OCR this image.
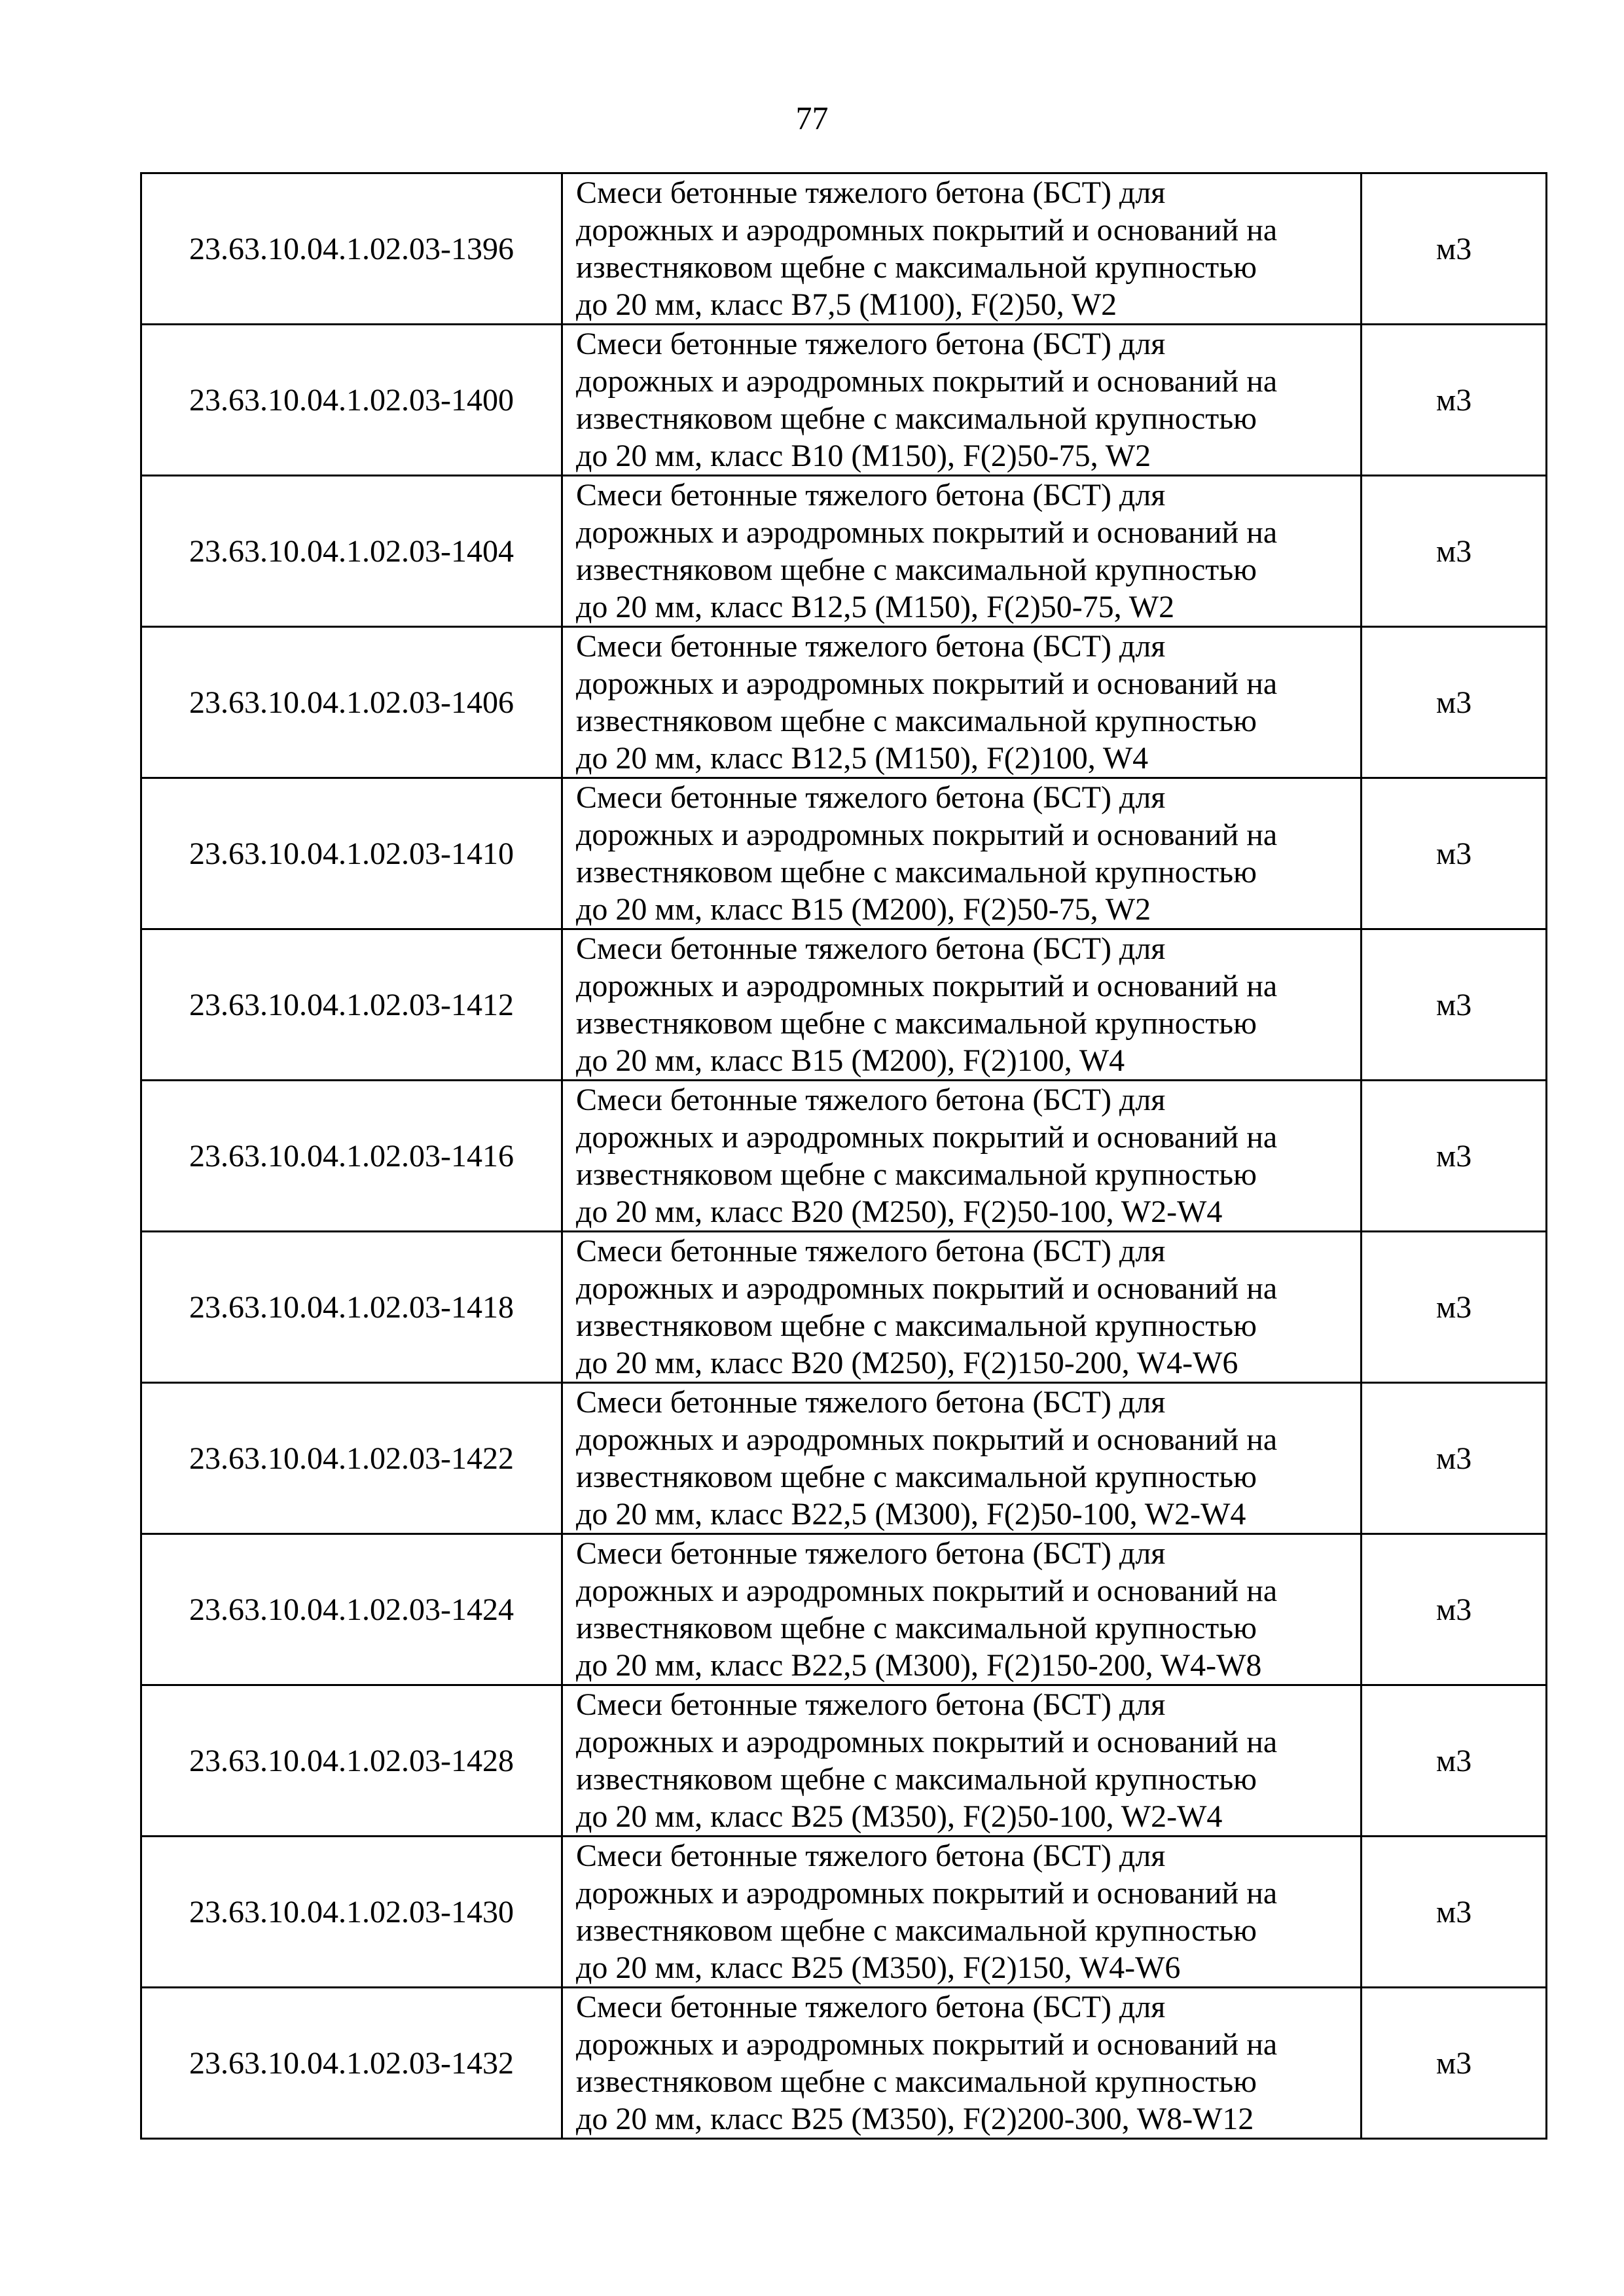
77
23.63.10.04.1.02.03-1396	Смеси бетонные тяжелого бетона (БСТ) для
дорожных и аэродромных покрытий и оснований на
известняковом щебне с максимальной крупностью
до 20 мм, класс В7,5 (М100), F(2)50, W2	м3
23.63.10.04.1.02.03-1400	Смеси бетонные тяжелого бетона (БСТ) для
дорожных и аэродромных покрытий и оснований на
известняковом щебне с максимальной крупностью
до 20 мм, класс В10 (М150), F(2)50-75, W2	м3
23.63.10.04.1.02.03-1404	Смеси бетонные тяжелого бетона (БСТ) для
дорожных и аэродромных покрытий и оснований на
известняковом щебне с максимальной крупностью
до 20 мм, класс В12,5 (М150), F(2)50-75, W2	м3
23.63.10.04.1.02.03-1406	Смеси бетонные тяжелого бетона (БСТ) для
дорожных и аэродромных покрытий и оснований на
известняковом щебне с максимальной крупностью
до 20 мм, класс В12,5 (М150), F(2)100, W4	м3
23.63.10.04.1.02.03-1410	Смеси бетонные тяжелого бетона (БСТ) для
дорожных и аэродромных покрытий и оснований на
известняковом щебне с максимальной крупностью
до 20 мм, класс В15 (М200), F(2)50-75, W2	м3
23.63.10.04.1.02.03-1412	Смеси бетонные тяжелого бетона (БСТ) для
дорожных и аэродромных покрытий и оснований на
известняковом щебне с максимальной крупностью
до 20 мм, класс В15 (М200), F(2)100, W4	м3
23.63.10.04.1.02.03-1416	Смеси бетонные тяжелого бетона (БСТ) для
дорожных и аэродромных покрытий и оснований на
известняковом щебне с максимальной крупностью
до 20 мм, класс В20 (М250), F(2)50-100, W2-W4	м3
23.63.10.04.1.02.03-1418	Смеси бетонные тяжелого бетона (БСТ) для
дорожных и аэродромных покрытий и оснований на
известняковом щебне с максимальной крупностью
до 20 мм, класс В20 (М250), F(2)150-200, W4-W6	м3
23.63.10.04.1.02.03-1422	Смеси бетонные тяжелого бетона (БСТ) для
дорожных и аэродромных покрытий и оснований на
известняковом щебне с максимальной крупностью
до 20 мм, класс В22,5 (М300), F(2)50-100, W2-W4	м3
23.63.10.04.1.02.03-1424	Смеси бетонные тяжелого бетона (БСТ) для
дорожных и аэродромных покрытий и оснований на
известняковом щебне с максимальной крупностью
до 20 мм, класс В22,5 (М300), F(2)150-200, W4-W8	м3
23.63.10.04.1.02.03-1428	Смеси бетонные тяжелого бетона (БСТ) для
дорожных и аэродромных покрытий и оснований на
известняковом щебне с максимальной крупностью
до 20 мм, класс В25 (М350), F(2)50-100, W2-W4	м3
23.63.10.04.1.02.03-1430	Смеси бетонные тяжелого бетона (БСТ) для
дорожных и аэродромных покрытий и оснований на
известняковом щебне с максимальной крупностью
до 20 мм, класс В25 (М350), F(2)150, W4-W6	м3
23.63.10.04.1.02.03-1432	Смеси бетонные тяжелого бетона (БСТ) для
дорожных и аэродромных покрытий и оснований на
известняковом щебне с максимальной крупностью
до 20 мм, класс В25 (М350), F(2)200-300, W8-W12	м3
